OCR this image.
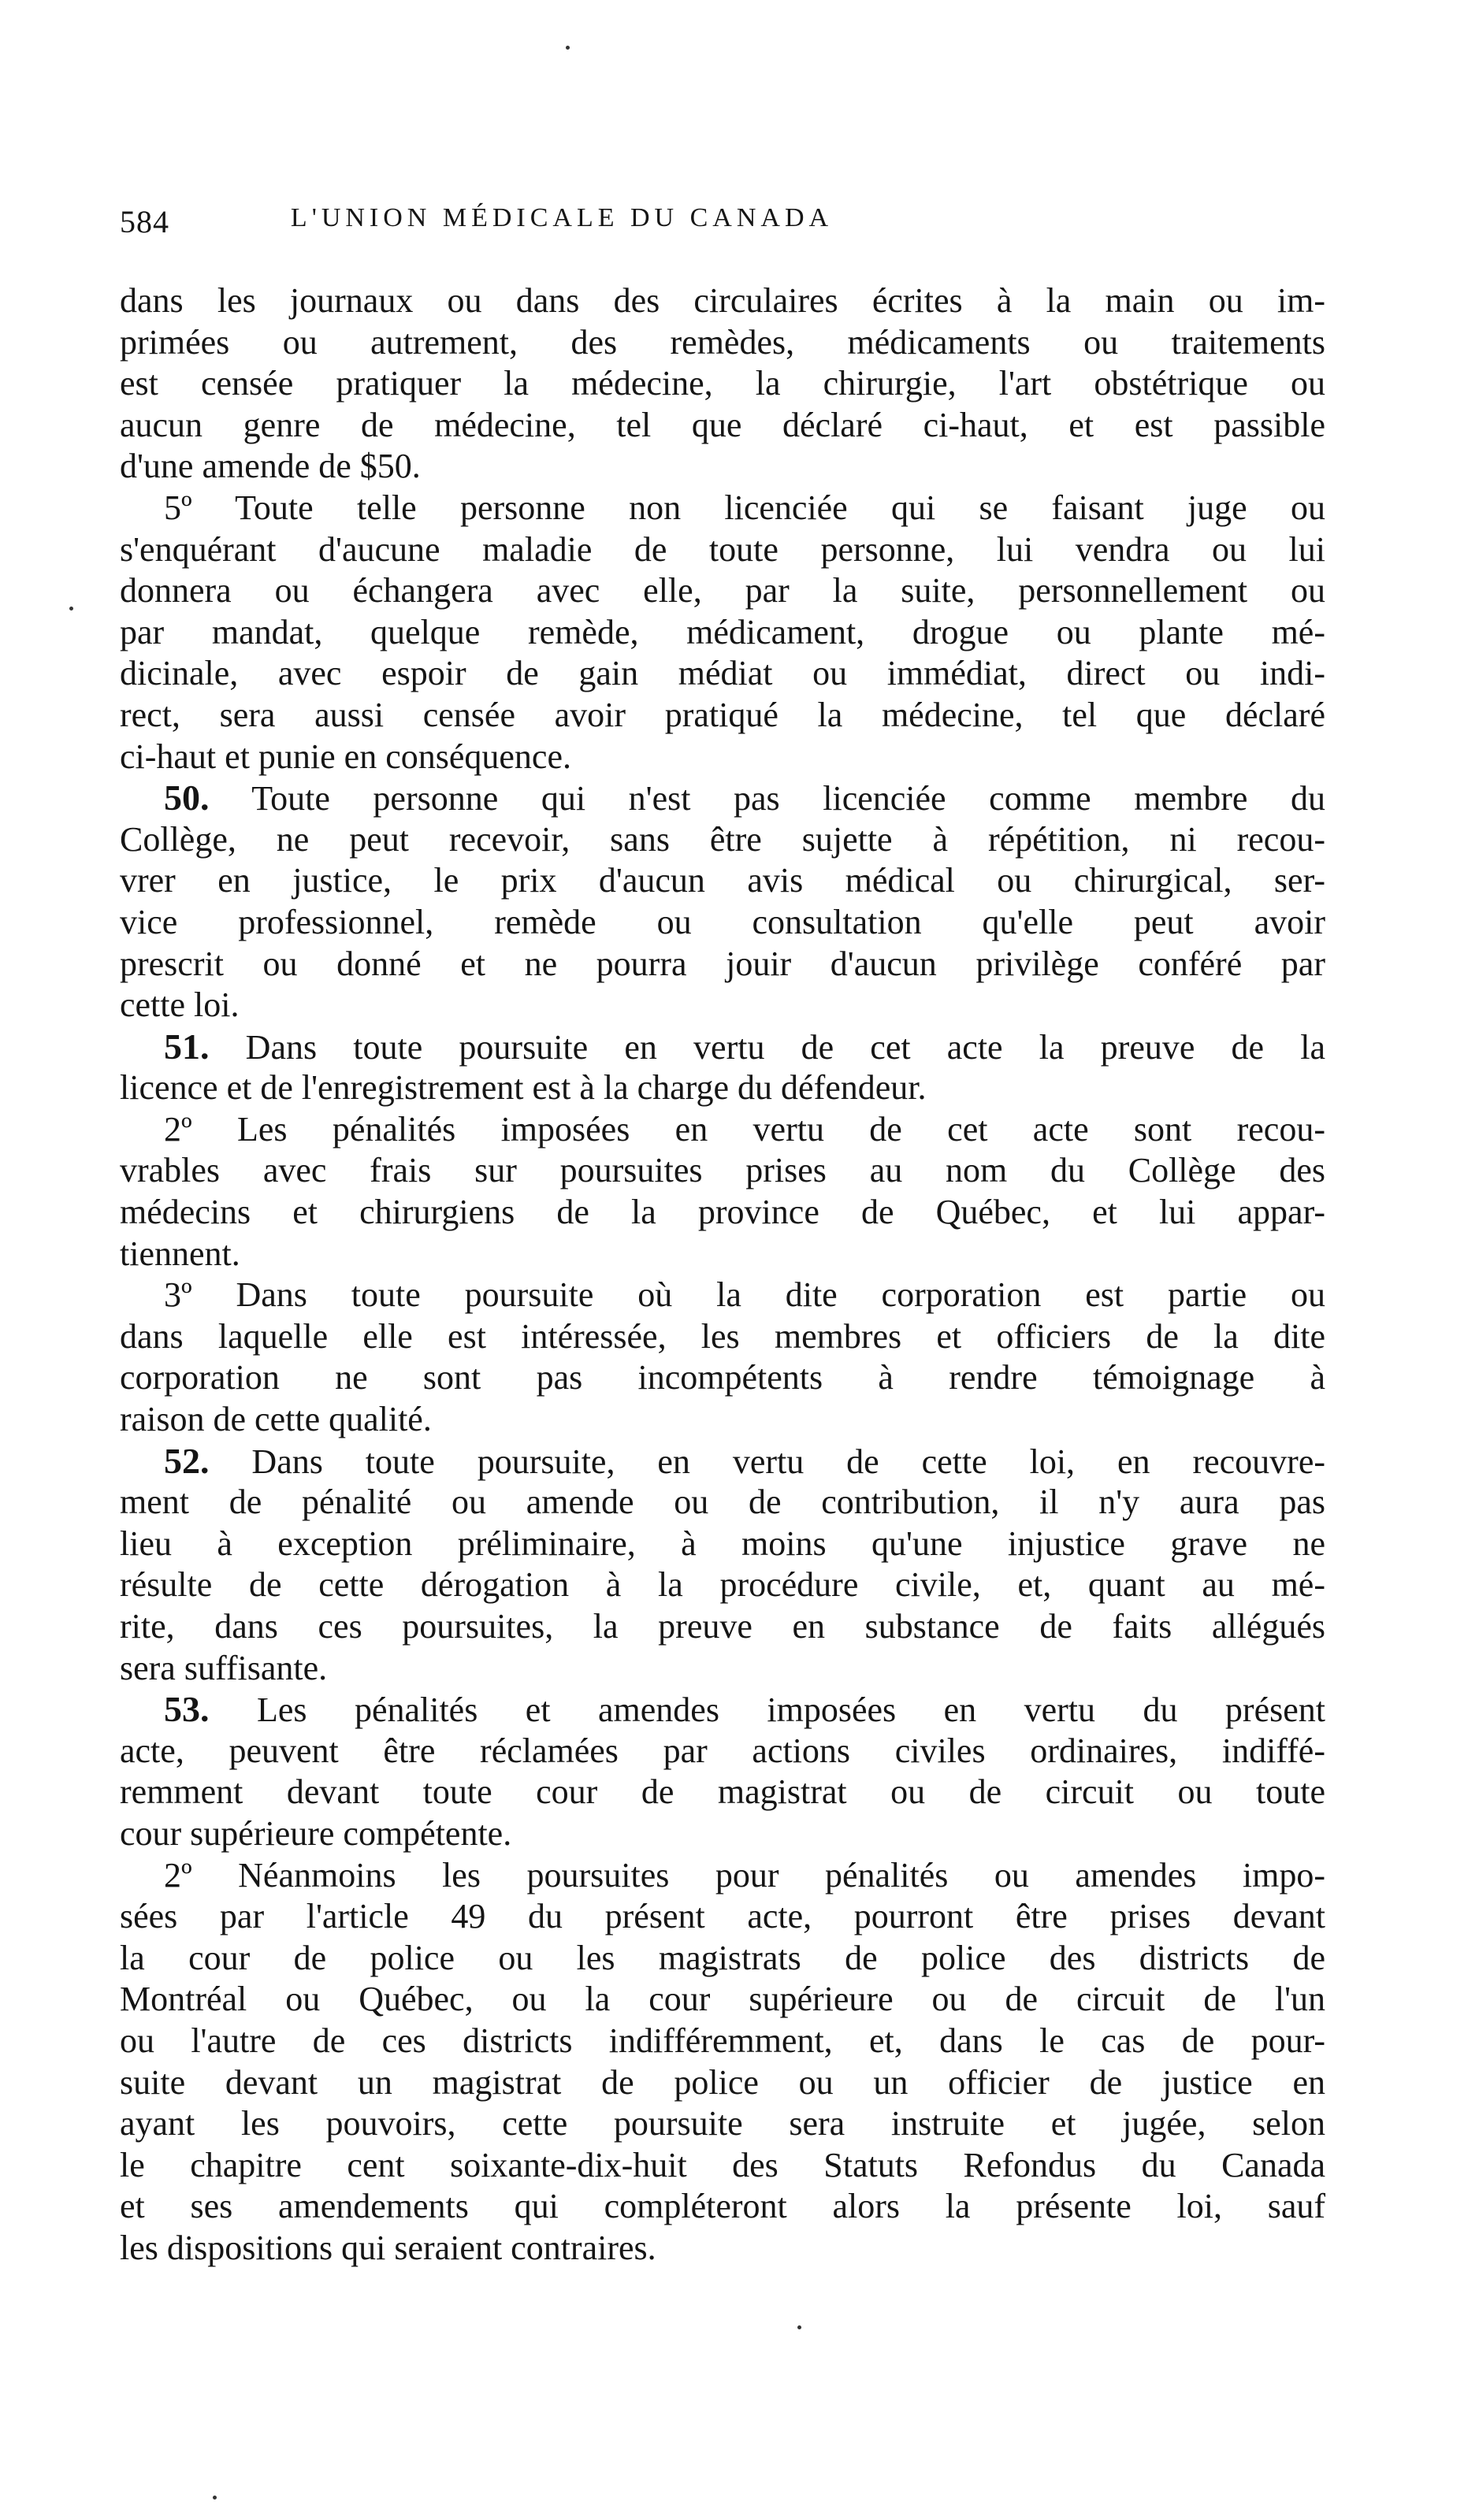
584	L'UNION MÉDICALE DU CANADA
dans les journaux ou dans des circulaires écrites à la main ou im-
primées ou autrement, des remèdes, médicaments ou traitements
est censée pratiquer la médecine, la chirurgie, l'art obstétrique ou
aucun genre de médecine, tel que déclaré ci-haut, et est passible
d'une amende de $50.
5º Toute telle personne non licenciée qui se faisant juge ou
s'enquérant d'aucune maladie de toute personne, lui vendra ou lui
donnera ou échangera avec elle, par la suite, personnellement ou
par mandat, quelque remède, médicament, drogue ou plante mé-
dicinale, avec espoir de gain médiat ou immédiat, direct ou indi-
rect, sera aussi censée avoir pratiqué la médecine, tel que déclaré
ci-haut et punie en conséquence.
50. Toute personne qui n'est pas licenciée comme membre du
Collège, ne peut recevoir, sans être sujette à répétition, ni recou-
vrer en justice, le prix d'aucun avis médical ou chirurgical, ser-
vice professionnel, remède ou consultation qu'elle peut avoir
prescrit ou donné et ne pourra jouir d'aucun privilège conféré par
cette loi.
51. Dans toute poursuite en vertu de cet acte la preuve de la
licence et de l'enregistrement est à la charge du défendeur.
2º Les pénalités imposées en vertu de cet acte sont recou-
vrables avec frais sur poursuites prises au nom du Collège des
médecins et chirurgiens de la province de Québec, et lui appar-
tiennent.
3º Dans toute poursuite où la dite corporation est partie ou
dans laquelle elle est intéressée, les membres et officiers de la dite
corporation ne sont pas incompétents à rendre témoignage à
raison de cette qualité.
52. Dans toute poursuite, en vertu de cette loi, en recouvre-
ment de pénalité ou amende ou de contribution, il n'y aura pas
lieu à exception préliminaire, à moins qu'une injustice grave ne
résulte de cette dérogation à la procédure civile, et, quant au mé-
rite, dans ces poursuites, la preuve en substance de faits allégués
sera suffisante.
53. Les pénalités et amendes imposées en vertu du présent
acte, peuvent être réclamées par actions civiles ordinaires, indiffé-
remment devant toute cour de magistrat ou de circuit ou toute
cour supérieure compétente.
2º Néanmoins les poursuites pour pénalités ou amendes impo-
sées par l'article 49 du présent acte, pourront être prises devant
la cour de police ou les magistrats de police des districts de
Montréal ou Québec, ou la cour supérieure ou de circuit de l'un
ou l'autre de ces districts indifféremment, et, dans le cas de pour-
suite devant un magistrat de police ou un officier de justice en
ayant les pouvoirs, cette poursuite sera instruite et jugée, selon
le chapitre cent soixante-dix-huit des Statuts Refondus du Canada
et ses amendements qui compléteront alors la présente loi, sauf
les dispositions qui seraient contraires.
